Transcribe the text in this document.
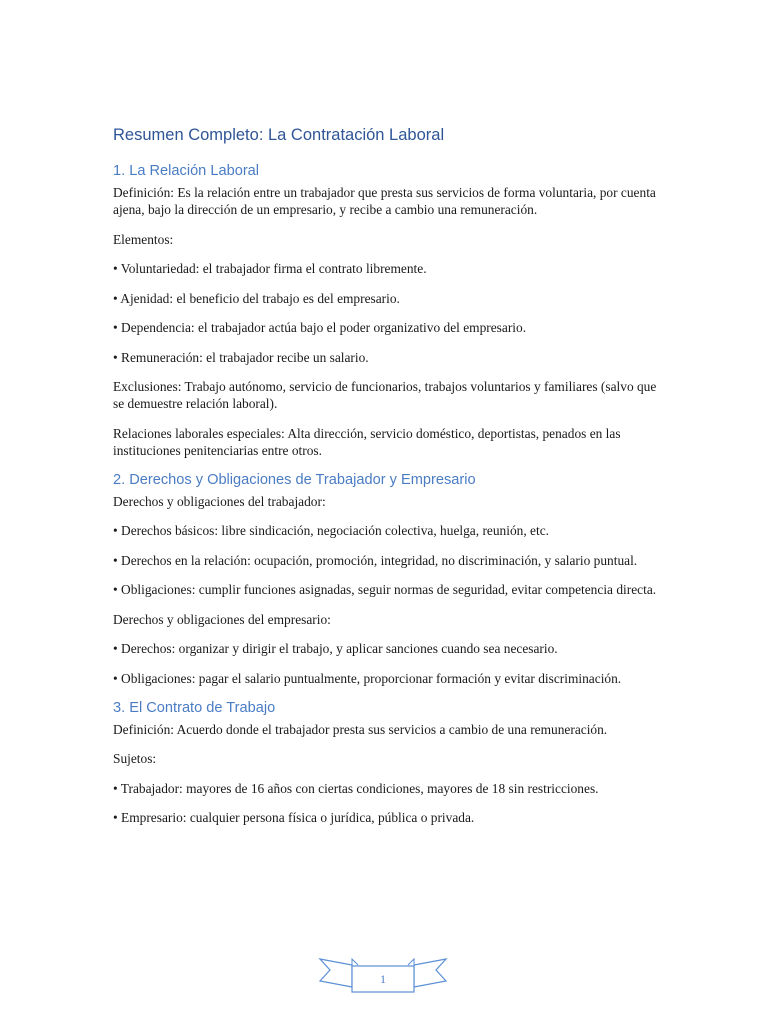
Resumen Completo: La Contratación Laboral
1. La Relación Laboral

Definición: Es la relación entre un trabajador que presta sus servicios de forma voluntaria, por cuenta ajena, bajo la dirección de un empresario, y recibe a cambio una remuneración.

Elementos:

• Voluntariedad: el trabajador firma el contrato libremente.

• Ajenidad: el beneficio del trabajo es del empresario.

• Dependencia: el trabajador actúa bajo el poder organizativo del empresario.

• Remuneración: el trabajador recibe un salario.

Exclusiones: Trabajo autónomo, servicio de funcionarios, trabajos voluntarios y familiares (salvo que se demuestre relación laboral).

Relaciones laborales especiales: Alta dirección, servicio doméstico, deportistas, penados en las instituciones penitenciarias entre otros.

2. Derechos y Obligaciones de Trabajador y Empresario

Derechos y obligaciones del trabajador:

• Derechos básicos: libre sindicación, negociación colectiva, huelga, reunión, etc.

• Derechos en la relación: ocupación, promoción, integridad, no discriminación, y salario puntual.

• Obligaciones: cumplir funciones asignadas, seguir normas de seguridad, evitar competencia directa.

Derechos y obligaciones del empresario:

• Derechos: organizar y dirigir el trabajo, y aplicar sanciones cuando sea necesario.

• Obligaciones: pagar el salario puntualmente, proporcionar formación y evitar discriminación.

3. El Contrato de Trabajo

Definición: Acuerdo donde el trabajador presta sus servicios a cambio de una remuneración.

Sujetos:

• Trabajador: mayores de 16 años con ciertas condiciones, mayores de 18 sin restricciones.

• Empresario: cualquier persona física o jurídica, pública o privada.

1
